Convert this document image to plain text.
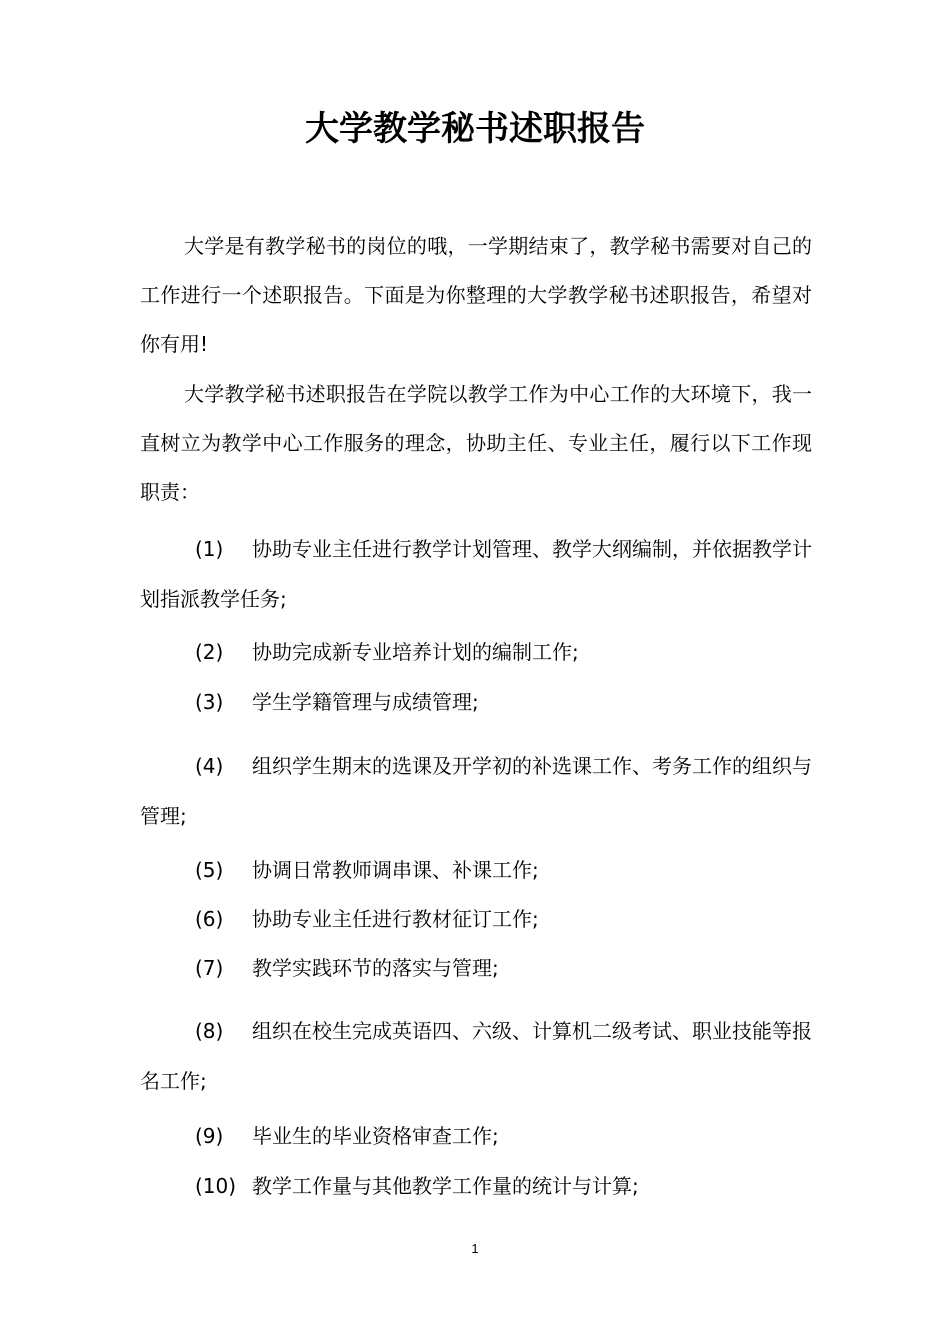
大学教学秘书述职报告

大学是有教学秘书的岗位的哦，一学期结束了，教学秘书需要对自己的工作进行一个述职报告。下面是为你整理的大学教学秘书述职报告，希望对你有用!

大学教学秘书述职报告在学院以教学工作为中心工作的大环境下，我一直树立为教学中心工作服务的理念，协助主任、专业主任，履行以下工作现职责：

(1) 协助专业主任进行教学计划管理、教学大纲编制，并依据教学计划指派教学任务;
(2) 协助完成新专业培养计划的编制工作;
(3) 学生学籍管理与成绩管理;
(4) 组织学生期末的选课及开学初的补选课工作、考务工作的组织与管理;
(5) 协调日常教师调串课、补课工作;
(6) 协助专业主任进行教材征订工作;
(7) 教学实践环节的落实与管理;
(8) 组织在校生完成英语四、六级、计算机二级考试、职业技能等报名工作;
(9) 毕业生的毕业资格审查工作;
(10) 教学工作量与其他教学工作量的统计与计算;
1
